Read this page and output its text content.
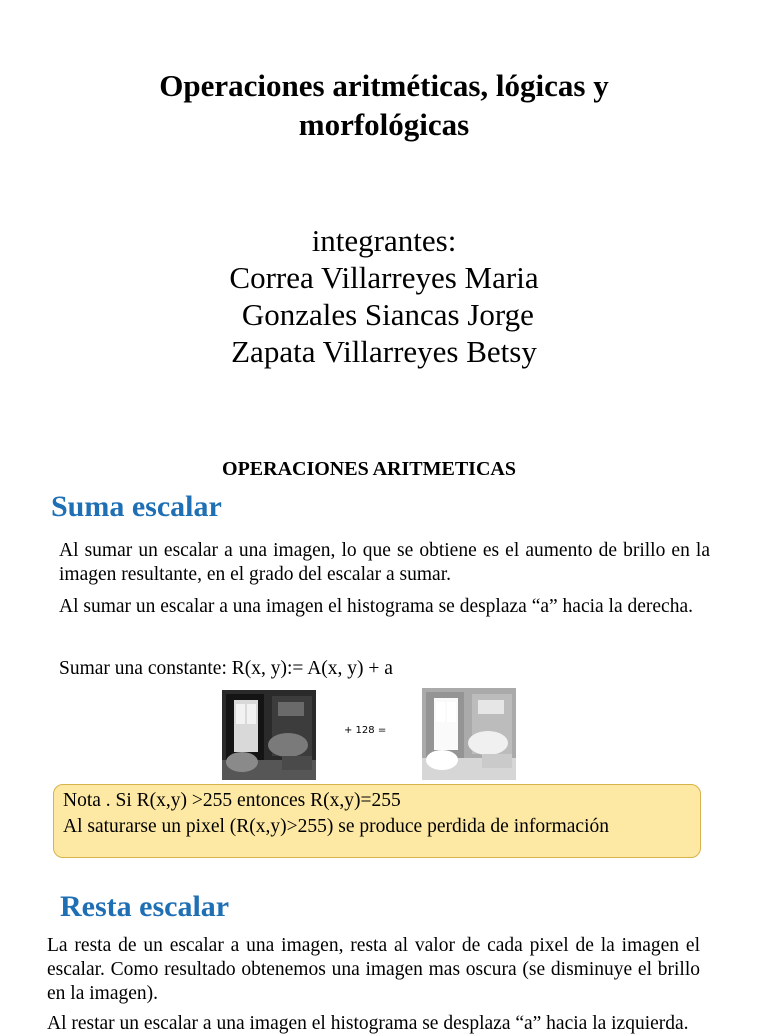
Operaciones aritméticas, lógicas y
morfológicas
integrantes:
Correa Villarreyes Maria
Gonzales Siancas Jorge
Zapata Villarreyes Betsy
OPERACIONES ARITMETICAS
Suma escalar
Al sumar un escalar a una imagen, lo que se obtiene es el aumento de brillo en la imagen resultante, en el grado del escalar a sumar.
Al sumar un escalar a una imagen el histograma se desplaza “a” hacia la derecha.
Sumar una constante: R(x, y):= A(x, y) + a
+ 128 =
Nota . Si R(x,y) >255 entonces R(x,y)=255
Al saturarse un pixel (R(x,y)>255) se produce perdida de información
Resta escalar
La resta de un escalar a una imagen, resta al valor de cada pixel de la imagen el escalar. Como resultado obtenemos una imagen mas oscura (se disminuye el brillo en la imagen).
Al restar un escalar a una imagen el histograma se desplaza “a” hacia la izquierda.
